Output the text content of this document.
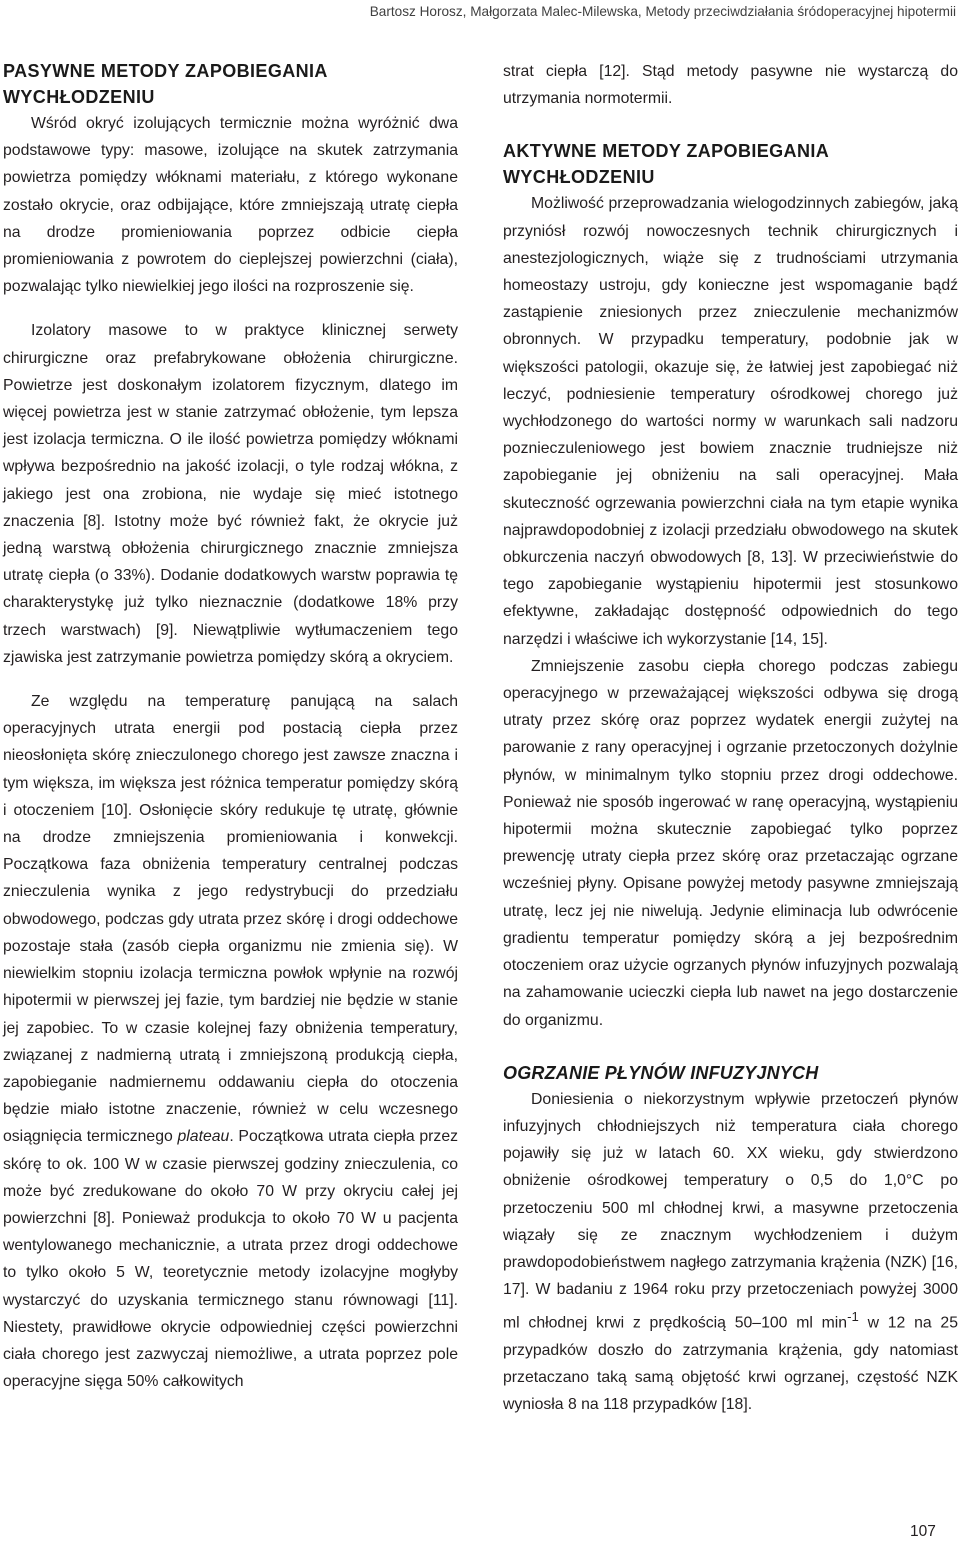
Bartosz Horosz, Małgorzata Malec-Milewska, Metody przeciwdziałania śródoperacyjnej hipotermii
PASYWNE METODY ZAPOBIEGANIA
WYCHŁODZENIU

Wśród okryć izolujących termicznie można wyróżnić dwa podstawowe typy: masowe, izolujące na skutek zatrzymania powietrza pomiędzy włóknami materiału, z którego wykonane zostało okrycie, oraz odbijające, które zmniejszają utratę ciepła na drodze promieniowania poprzez odbicie ciepła promieniowania z powrotem do cieplejszej powierzchni (ciała), pozwalając tylko niewielkiej jego ilości na rozproszenie się.

Izolatory masowe to w praktyce klinicznej serwety chirurgiczne oraz prefabrykowane obłożenia chirurgiczne. Powietrze jest doskonałym izolatorem fizycznym, dlatego im więcej powietrza jest w stanie zatrzymać obłożenie, tym lepsza jest izolacja termiczna. O ile ilość powietrza pomiędzy włóknami wpływa bezpośrednio na jakość izolacji, o tyle rodzaj włókna, z jakiego jest ona zrobiona, nie wydaje się mieć istotnego znaczenia [8]. Istotny może być również fakt, że okrycie już jedną warstwą obłożenia chirurgicznego znacznie zmniejsza utratę ciepła (o 33%). Dodanie dodatkowych warstw poprawia tę charakterystykę już tylko nieznacznie (dodatkowe 18% przy trzech warstwach) [9]. Niewątpliwie wytłumaczeniem tego zjawiska jest zatrzymanie powietrza pomiędzy skórą a okryciem.

Ze względu na temperaturę panującą na salach operacyjnych utrata energii pod postacią ciepła przez nieosłonięta skórę znieczulonego chorego jest zawsze znaczna i tym większa, im większa jest różnica temperatur pomiędzy skórą i otoczeniem [10]. Osłonięcie skóry redukuje tę utratę, głównie na drodze zmniejszenia promieniowania i konwekcji. Początkowa faza obniżenia temperatury centralnej podczas znieczulenia wynika z jego redystrybucji do przedziału obwodowego, podczas gdy utrata przez skórę i drogi oddechowe pozostaje stała (zasób ciepła organizmu nie zmienia się). W niewielkim stopniu izolacja termiczna powłok wpłynie na rozwój hipotermii w pierwszej jej fazie, tym bardziej nie będzie w stanie jej zapobiec. To w czasie kolejnej fazy obniżenia temperatury, związanej z nadmierną utratą i zmniejszoną produkcją ciepła, zapobieganie nadmiernemu oddawaniu ciepła do otoczenia będzie miało istotne znaczenie, również w celu wczesnego osiągnięcia termicznego plateau. Początkowa utrata ciepła przez skórę to ok. 100 W w czasie pierwszej godziny znieczulenia, co może być zredukowane do około 70 W przy okryciu całej jej powierzchni [8]. Ponieważ produkcja to około 70 W u pacjenta wentylowanego mechanicznie, a utrata przez drogi oddechowe to tylko około 5 W, teoretycznie metody izolacyjne mogłyby wystarczyć do uzyskania termicznego stanu równowagi [11]. Niestety, prawidłowe okrycie odpowiedniej części powierzchni ciała chorego jest zazwyczaj niemożliwe, a utrata poprzez pole operacyjne sięga 50% całkowitych

strat ciepła [12]. Stąd metody pasywne nie wystarczą do utrzymania normotermii.

AKTYWNE METODY ZAPOBIEGANIA
WYCHŁODZENIU

Możliwość przeprowadzania wielogodzinnych zabiegów, jaką przyniósł rozwój nowoczesnych technik chirurgicznych i anestezjologicznych, wiąże się z trudnościami utrzymania homeostazy ustroju, gdy konieczne jest wspomaganie bądź zastąpienie zniesionych przez znieczulenie mechanizmów obronnych. W przypadku temperatury, podobnie jak w większości patologii, okazuje się, że łatwiej jest zapobiegać niż leczyć, podniesienie temperatury ośrodkowej chorego już wychłodzonego do wartości normy w warunkach sali nadzoru poznieczuleniowego jest bowiem znacznie trudniejsze niż zapobieganie jej obniżeniu na sali operacyjnej. Mała skuteczność ogrzewania powierzchni ciała na tym etapie wynika najprawdopodobniej z izolacji przedziału obwodowego na skutek obkurczenia naczyń obwodowych [8, 13]. W przeciwieństwie do tego zapobieganie wystąpieniu hipotermii jest stosunkowo efektywne, zakładając dostępność odpowiednich do tego narzędzi i właściwe ich wykorzystanie [14, 15].

Zmniejszenie zasobu ciepła chorego podczas zabiegu operacyjnego w przeważającej większości odbywa się drogą utraty przez skórę oraz poprzez wydatek energii zużytej na parowanie z rany operacyjnej i ogrzanie przetoczonych dożylnie płynów, w minimalnym tylko stopniu przez drogi oddechowe. Ponieważ nie sposób ingerować w ranę operacyjną, wystąpieniu hipotermii można skutecznie zapobiegać tylko poprzez prewencję utraty ciepła przez skórę oraz przetaczając ogrzane wcześniej płyny. Opisane powyżej metody pasywne zmniejszają utratę, lecz jej nie niwelują. Jedynie eliminacja lub odwrócenie gradientu temperatur pomiędzy skórą a jej bezpośrednim otoczeniem oraz użycie ogrzanych płynów infuzyjnych pozwalają na zahamowanie ucieczki ciepła lub nawet na jego dostarczenie do organizmu.

OGRZANIE PŁYNÓW INFUZYJNYCH

Doniesienia o niekorzystnym wpływie przetoczeń płynów infuzyjnych chłodniejszych niż temperatura ciała chorego pojawiły się już w latach 60. XX wieku, gdy stwierdzono obniżenie ośrodkowej temperatury o 0,5 do 1,0°C po przetoczeniu 500 ml chłodnej krwi, a masywne przetoczenia wiązały się ze znacznym wychłodzeniem i dużym prawdopodobieństwem nagłego zatrzymania krążenia (NZK) [16, 17]. W badaniu z 1964 roku przy przetoczeniach powyżej 3000 ml chłodnej krwi z prędkością 50–100 ml $\min^{-1} w$ 12 na 25 przypadków doszło do zatrzymania krążenia, gdy natomiast przetaczano taką samą objętość krwi ogrzanej, częstość NZK wyniosła 8 na 118 przypadków [18].

107
